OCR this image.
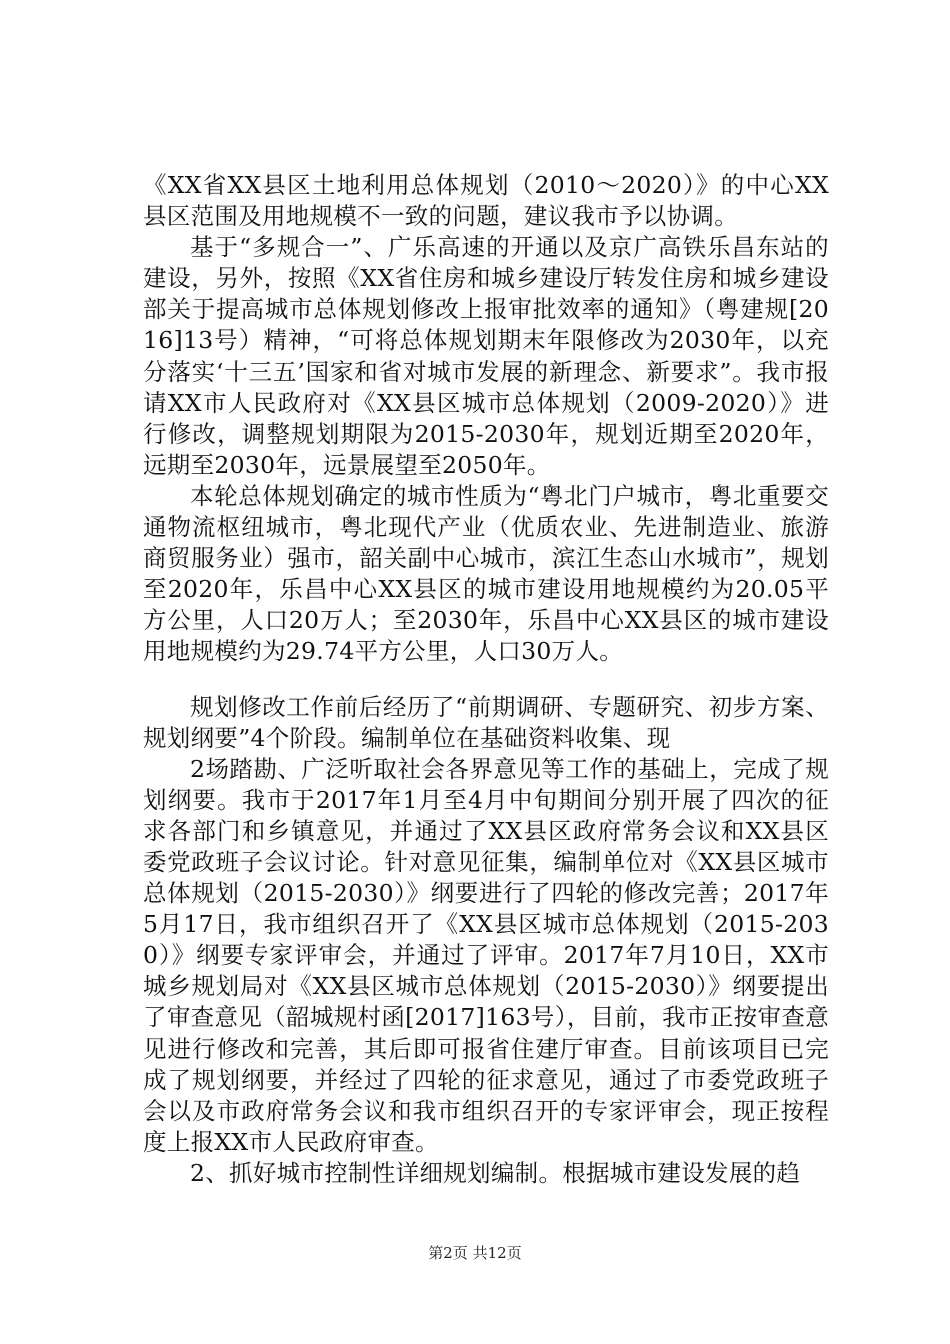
《XX省XX县区土地利用总体规划（2010～2020）》的中心XX县区范围及用地规模不一致的问题，建议我市予以协调。

基于“多规合一”、广乐高速的开通以及京广高铁乐昌东站的建设，另外，按照《XX省住房和城乡建设厅转发住房和城乡建设部关于提高城市总体规划修改上报审批效率的通知》（粤建规[2016]13号）精神，“可将总体规划期末年限修改为2030年，以充分落实‘十三五’国家和省对城市发展的新理念、新要求”。我市报请XX市人民政府对《XX县区城市总体规划（2009-2020）》进行修改，调整规划期限为2015-2030年，规划近期至2020年，远期至2030年，远景展望至2050年。

本轮总体规划确定的城市性质为“粤北门户城市，粤北重要交通物流枢纽城市，粤北现代产业（优质农业、先进制造业、旅游商贸服务业）强市，韶关副中心城市，滨江生态山水城市”，规划至2020年，乐昌中心XX县区的城市建设用地规模约为20.05平方公里，人口20万人；至2030年，乐昌中心XX县区的城市建设用地规模约为29.74平方公里，人口30万人。

规划修改工作前后经历了“前期调研、专题研究、初步方案、规划纲要”4个阶段。编制单位在基础资料收集、现

2场踏勘、广泛听取社会各界意见等工作的基础上，完成了规划纲要。我市于2017年1月至4月中旬期间分别开展了四次的征求各部门和乡镇意见，并通过了XX县区政府常务会议和XX县区委党政班子会议讨论。针对意见征集，编制单位对《XX县区城市总体规划（2015-2030）》纲要进行了四轮的修改完善；2017年5月17日，我市组织召开了《XX县区城市总体规划（2015-2030）》纲要专家评审会，并通过了评审。2017年7月10日，XX市城乡规划局对《XX县区城市总体规划（2015-2030）》纲要提出了审查意见（韶城规村函[2017]163号），目前，我市正按审查意见进行修改和完善，其后即可报省住建厅审查。目前该项目已完成了规划纲要，并经过了四轮的征求意见，通过了市委党政班子会以及市政府常务会议和我市组织召开的专家评审会，现正按程度上报XX市人民政府审查。

2、抓好城市控制性详细规划编制。根据城市建设发展的趋

第2页 共12页
